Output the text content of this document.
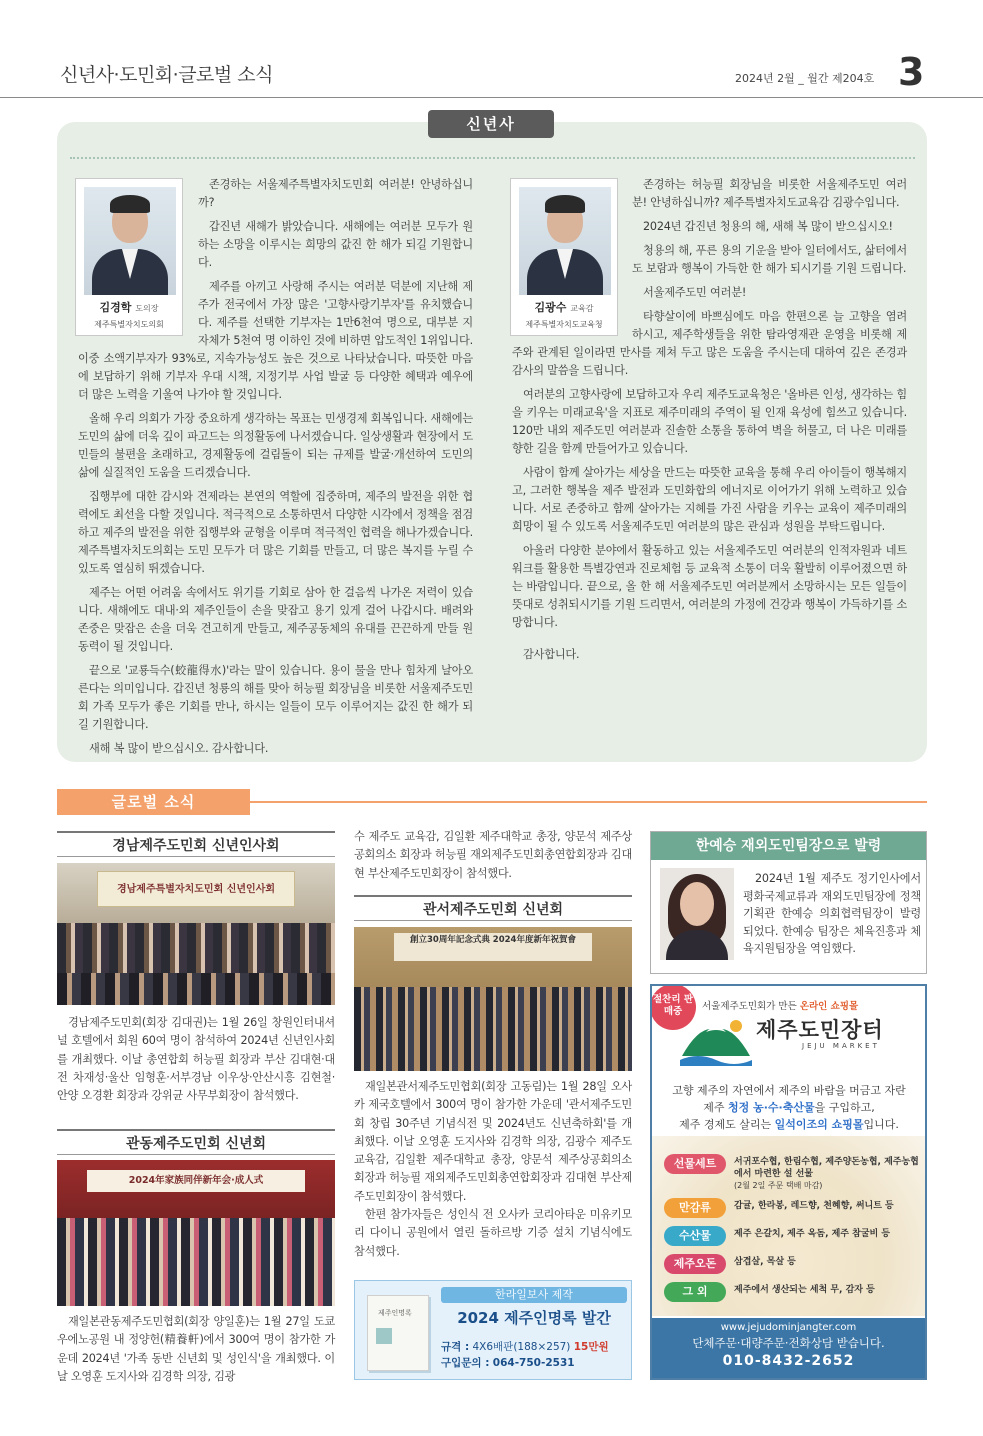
신년사·도민회·글로벌 소식	2024년 2월 _ 월간 제204호 3
신년사
김경학 도의장
제주특별자치도의회
김광수 교육감
제주특별자치도교육청

존경하는 서울제주특별자치도민회 여러분! 안녕하십니까?

갑진년 새해가 밝았습니다. 새해에는 여러분 모두가 원하는 소망을 이루시는 희망의 값진 한 해가 되길 기원합니다.

제주를 아끼고 사랑해 주시는 여러분 덕분에 지난해 제주가 전국에서 가장 많은 '고향사랑기부자'를 유치했습니다. 제주를 선택한 기부자는 1만6천여 명으로, 대부분 지자체가 5천여 명 이하인 것에 비하면 압도적인 1위입니다. 이중 소액기부자가 93%로, 지속가능성도 높은 것으로 나타났습니다. 따뜻한 마음에 보답하기 위해 기부자 우대 시책, 지정기부 사업 발굴 등 다양한 혜택과 예우에 더 많은 노력을 기울여 나가야 할 것입니다.

올해 우리 의회가 가장 중요하게 생각하는 목표는 민생경제 회복입니다. 새해에는 도민의 삶에 더욱 깊이 파고드는 의정활동에 나서겠습니다. 일상생활과 현장에서 도민들의 불편을 초래하고, 경제활동에 걸림돌이 되는 규제를 발굴·개선하여 도민의 삶에 실질적인 도움을 드리겠습니다.

집행부에 대한 감시와 견제라는 본연의 역할에 집중하며, 제주의 발전을 위한 협력에도 최선을 다할 것입니다. 적극적으로 소통하면서 다양한 시각에서 정책을 점검하고 제주의 발전을 위한 집행부와 균형을 이루며 적극적인 협력을 해나가겠습니다. 제주특별자치도의회는 도민 모두가 더 많은 기회를 만들고, 더 많은 복지를 누릴 수 있도록 열심히 뛰겠습니다.

제주는 어떤 어려움 속에서도 위기를 기회로 삼아 한 걸음씩 나가온 저력이 있습니다. 새해에도 대내·외 제주인들이 손을 맞잡고 용기 있게 걸어 나갑시다. 배려와 존중은 맞잡은 손을 더욱 견고히게 만들고, 제주공동체의 유대를 끈끈하게 만들 원동력이 될 것입니다.

끝으로 '교룡득수(蛟龍得水)'라는 말이 있습니다. 용이 물을 만나 힘차게 날아오른다는 의미입니다. 갑진년 청룡의 해를 맞아 허능필 회장님을 비롯한 서울제주도민회 가족 모두가 좋은 기회를 만나, 하시는 일들이 모두 이루어지는 값진 한 해가 되길 기원합니다.

새해 복 많이 받으십시오. 감사합니다.

존경하는 허능필 회장님을 비롯한 서울제주도민 여러분! 안녕하십니까? 제주특별자치도교육감 김광수입니다.

2024년 갑진년 청용의 해, 새해 복 많이 받으십시오!

청용의 해, 푸른 용의 기운을 받아 일터에서도, 삶터에서도 보람과 행복이 가득한 한 해가 되시기를 기원 드립니다.

서울제주도민 여러분!

타향살이에 바쁘심에도 마음 한편으론 늘 고향을 염려하시고, 제주학생들을 위한 탐라영재관 운영을 비롯해 제주와 관계된 일이라면 만사를 제쳐 두고 많은 도움을 주시는데 대하여 깊은 존경과 감사의 말씀을 드립니다.

여러분의 고향사랑에 보답하고자 우리 제주도교육청은 '올바른 인성, 생각하는 힘을 키우는 미래교육'을 지표로 제주미래의 주역이 될 인재 육성에 힘쓰고 있습니다. 120만 내외 제주도민 여러분과 진솔한 소통을 통하여 벽을 허물고, 더 나은 미래를 향한 길을 함께 만들어가고 있습니다.

사람이 함께 살아가는 세상을 만드는 따뜻한 교육을 통해 우리 아이들이 행복해지고, 그러한 행복을 제주 발전과 도민화합의 에너지로 이어가기 위해 노력하고 있습니다. 서로 존중하고 함께 살아가는 지혜를 가진 사람을 키우는 교육이 제주미래의 희망이 될 수 있도록 서울제주도민 여러분의 많은 관심과 성원을 부탁드립니다.

아울러 다양한 분야에서 활동하고 있는 서울제주도민 여러분의 인적자원과 네트워크를 활용한 특별강연과 진로체험 등 교육적 소통이 더욱 활발히 이루어졌으면 하는 바람입니다. 끝으로, 올 한 해 서울제주도민 여러분께서 소망하시는 모든 일들이 뜻대로 성취되시기를 기원 드리면서, 여러분의 가정에 건강과 행복이 가득하기를 소망합니다.

감사합니다.

글로벌 소식
경남제주도민회 신년인사회
경남제주특별자치도민회 신년인사회

경남제주도민회(회장 김대권)는 1월 26일 창원인터내셔널 호텔에서 회원 60여 명이 참석하여 2024년 신년인사회를 개최했다. 이날 총연합회 허능필 회장과 부산 김대현·대전 차재성·울산 임형훈·서부경남 이우상·안산시흥 김현철·안양 오경환 회장과 강위균 사무부회장이 참석했다.

관동제주도민회 신년회
2024年家族同伴新年会·成人式

재일본관동제주도민협회(회장 양일훈)는 1월 27일 도쿄 우에노공원 내 정양헌(精養軒)에서 300여 명이 참가한 가운데 2024년 '가족 동반 신년회 및 성인식'을 개최했다. 이날 오영훈 도지사와 김경학 의장, 김광

수 제주도 교육감, 김일환 제주대학교 총장, 양문석 제주상공회의소 회장과 허능필 재외제주도민회총연합회장과 김대현 부산제주도민회장이 참석했다.

관서제주도민회 신년회
創立30周年記念式典 2024年度新年祝賀會

재일본관서제주도민협회(회장 고동림)는 1월 28일 오사카 제국호텔에서 300여 명이 참가한 가운데 '관서제주도민회 창립 30주년 기념식전 및 2024년도 신년축하회'를 개최했다. 이날 오영훈 도지사와 김경학 의장, 김광수 제주도 교육감, 김일환 제주대학교 총장, 양문석 제주상공회의소 회장과 허능필 재외제주도민회총연합회장과 김대현 부산제주도민회장이 참석했다.

한편 참가자들은 성인식 전 오사카 코리아타운 미유키모리 다이니 공원에서 열린 돌하르방 기증 설치 기념식에도 참석했다.

제주인명록
한라일보사 제작
2024 제주인명록 발간
규격 : 4X6배판(188×257) 15만원
구입문의 : 064-750-2531
한예승 재외도민팀장으로 발령

2024년 1월 제주도 정기인사에서 평화국제교류과 재외도민팀장에 정책기획관 한예승 의회협력팀장이 발령되었다. 한예승 팀장은 체육진흥과 체육지원팀장을 역임했다.

절찬리 판매중	서울제주도민회가 만든 온라인 쇼핑몰
제주도민장터
JEJU MARKET
고향 제주의 자연에서 제주의 바람을 머금고 자란
제주 청정 농·수·축산물을 구입하고,
제주 경제도 살리는 일석이조의 쇼핑몰입니다.
선물세트	서귀포수협, 한림수협, 제주양돈농협, 제주농협에서 마련한 설 선물
(2월 2일 주문 택배 마감)
만감류	감귤, 한라봉, 레드향, 천혜향, 써니트 등
수산물	제주 은갈치, 제주 옥돔, 제주 참굴비 등
제주오돈	삼겹살, 목살 등
그 외	제주에서 생산되는 세척 무, 감자 등
www.jejudominjangter.com
단체주문·대량주문·전화상담 받습니다.
010-8432-2652
